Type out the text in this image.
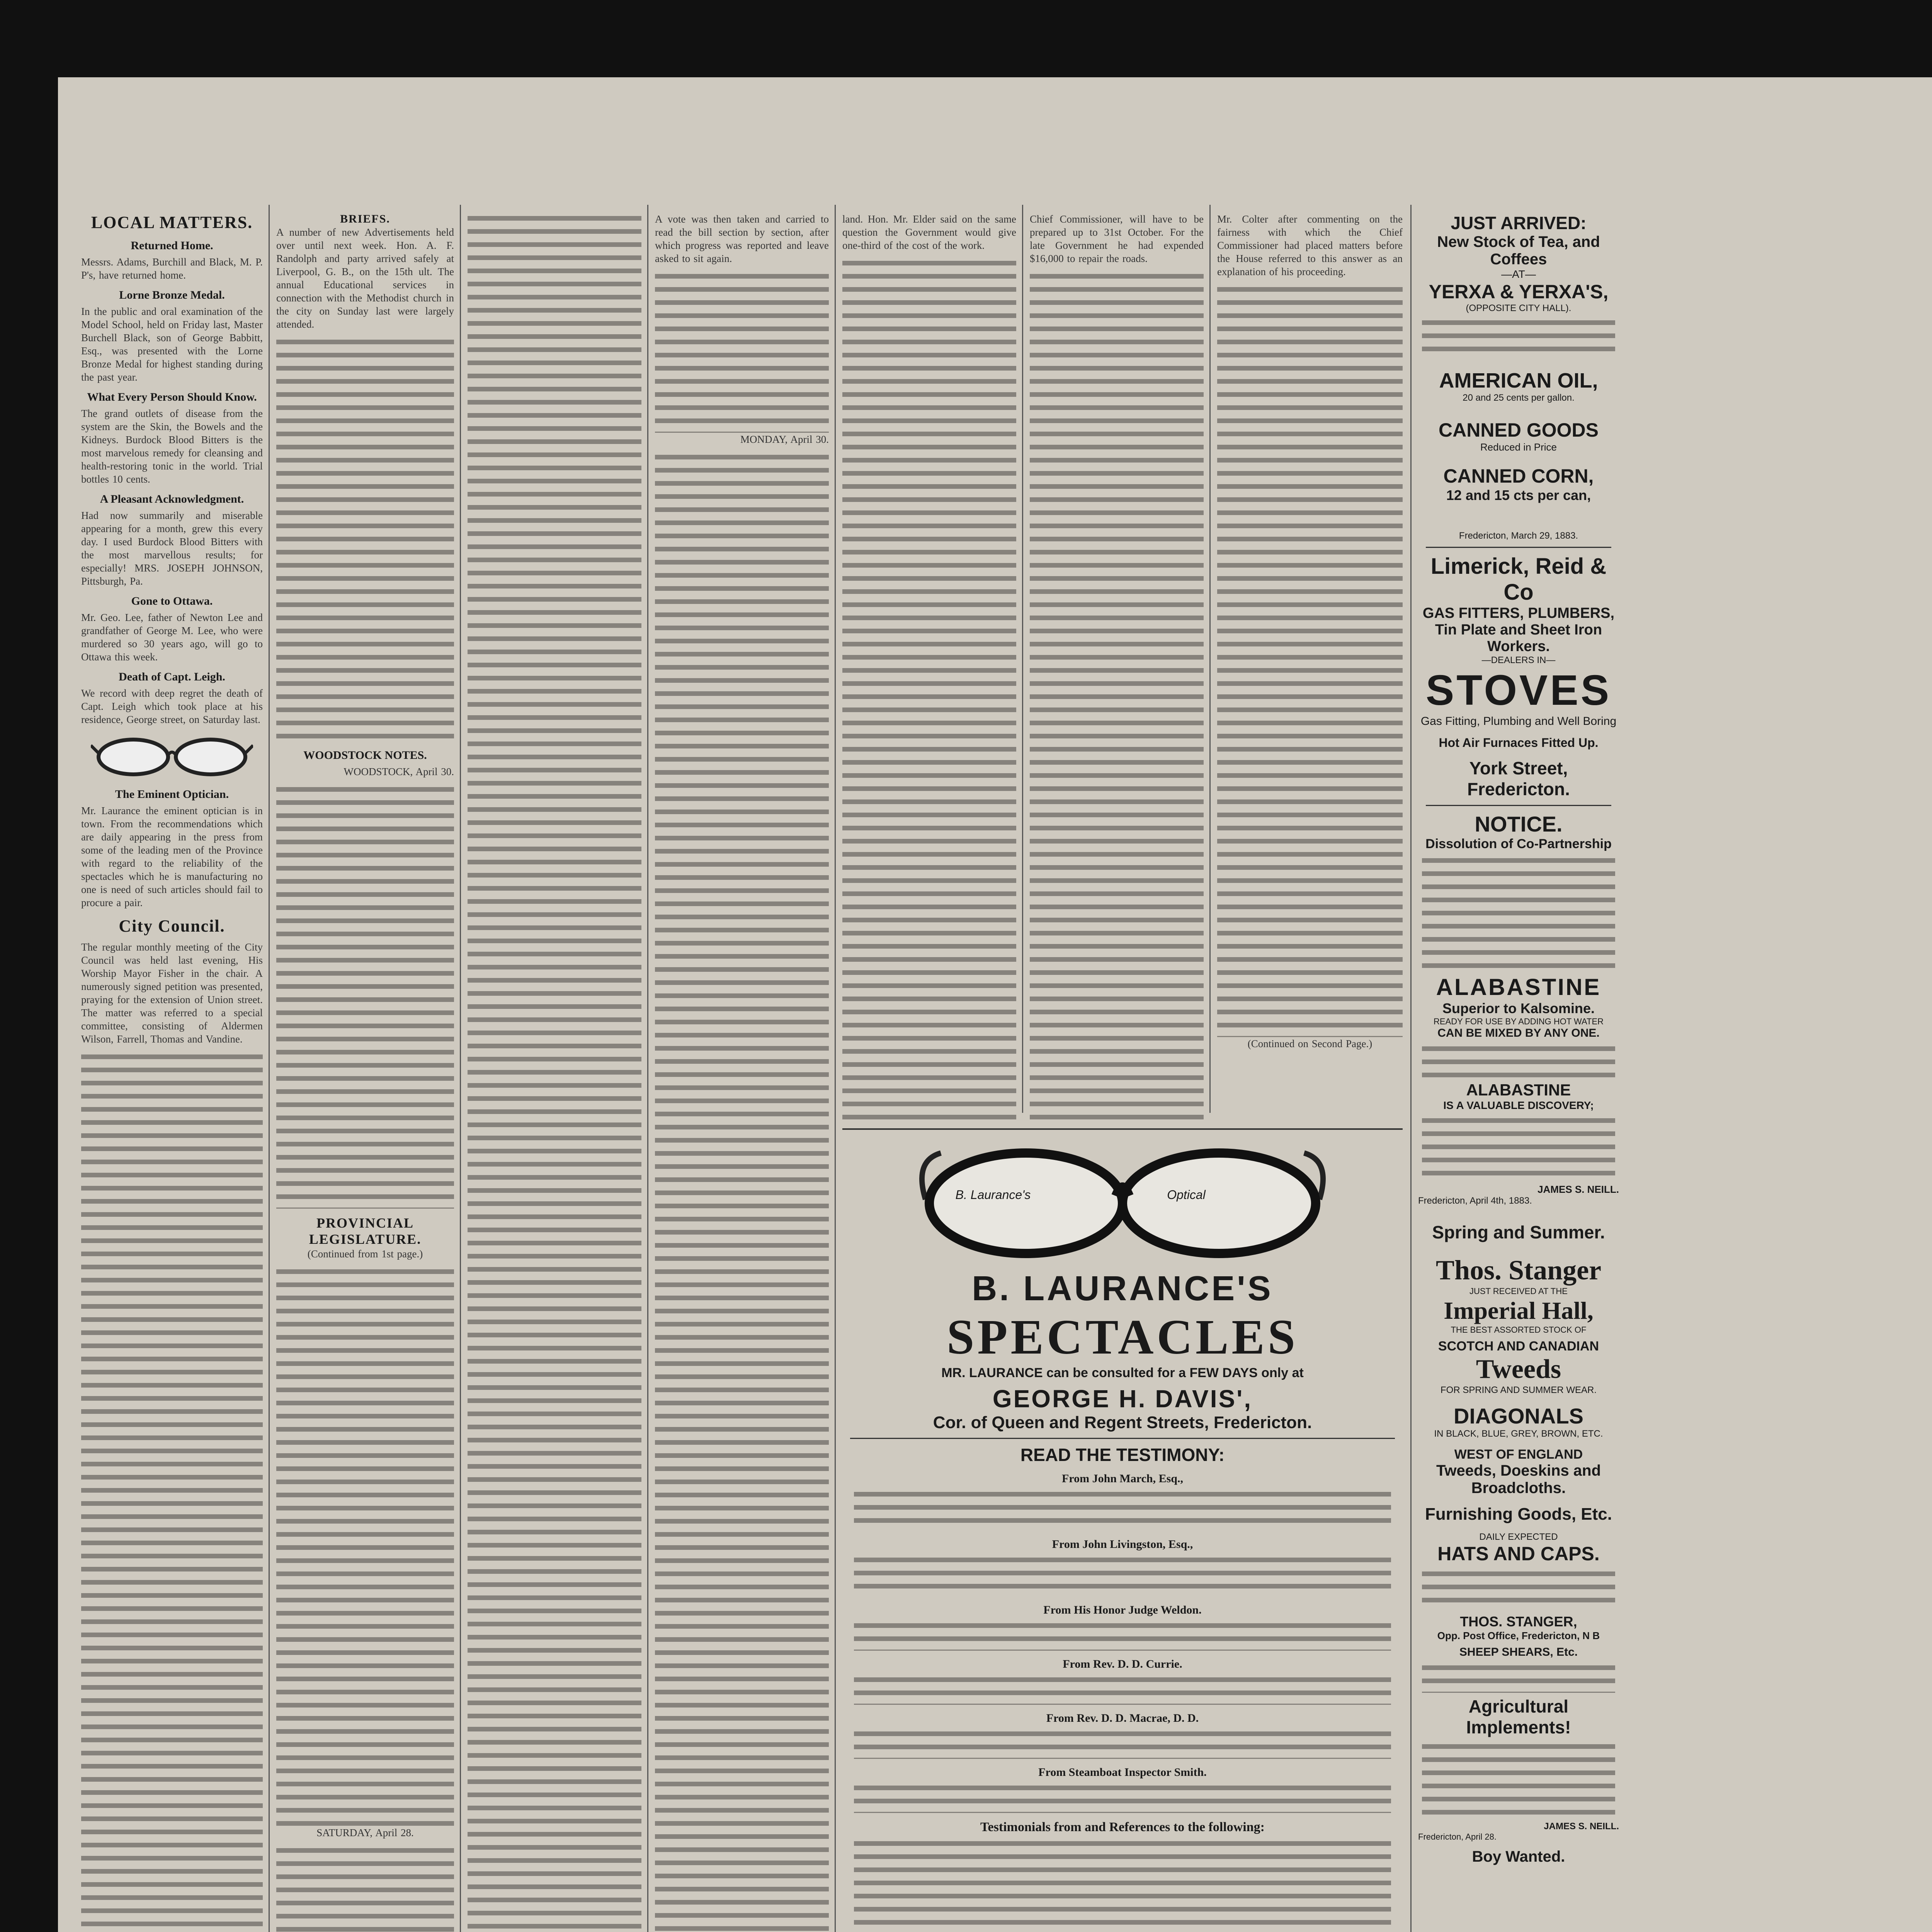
LOCAL MATTERS.
Returned Home.

Messrs. Adams, Burchill and Black, M. P. P's, have returned home.

Lorne Bronze Medal.

In the public and oral examination of the Model School, held on Friday last, Master Burchell Black, son of George Babbitt, Esq., was presented with the Lorne Bronze Medal for highest standing during the past year.

What Every Person Should Know.

The grand outlets of disease from the system are the Skin, the Bowels and the Kidneys. Burdock Blood Bitters is the most marvelous remedy for cleansing and health-restoring tonic in the world. Trial bottles 10 cents.

A Pleasant Acknowledgment.

Had now summarily and miserable appearing for a month, grew this every day. I used Burdock Blood Bitters with the most marvellous results; for especially! MRS. JOSEPH JOHNSON, Pittsburgh, Pa.

Gone to Ottawa.

Mr. Geo. Lee, father of Newton Lee and grandfather of George M. Lee, who were murdered so 30 years ago, will go to Ottawa this week.

Death of Capt. Leigh.

We record with deep regret the death of Capt. Leigh which took place at his residence, George street, on Saturday last.

The Eminent Optician.

Mr. Laurance the eminent optician is in town. From the recommendations which are daily appearing in the press from some of the leading men of the Province with regard to the reliability of the spectacles which he is manufacturing no one is need of such articles should fail to procure a pair.

City Council.

The regular monthly meeting of the City Council was held last evening, His Worship Mayor Fisher in the chair. A numerously signed petition was presented, praying for the extension of Union street. The matter was referred to a special committee, consisting of Aldermen Wilson, Farrell, Thomas and Vandine.

BRIEFS.

A number of new Advertisements held over until next week. Hon. A. F. Randolph and party arrived safely at Liverpool, G. B., on the 15th ult. The annual Educational services in connection with the Methodist church in the city on Sunday last were largely attended.

WOODSTOCK NOTES.

WOODSTOCK, April 30.

PROVINCIAL LEGISLATURE.

(Continued from 1st page.)

SATURDAY, April 28.

A vote was then taken and carried to read the bill section by section, after which progress was reported and leave asked to sit again.

MONDAY, April 30.

land. Hon. Mr. Elder said on the same question the Government would give one-third of the cost of the work.

Chief Commissioner, will have to be prepared up to 31st October. For the late Government he had expended $16,000 to repair the roads.

Mr. Colter after commenting on the fairness with which the Chief Commissioner had placed matters before the House referred to this answer as an explanation of his proceeding.

(Continued on Second Page.)

B. Laurance's	Optical
B. LAURANCE'S
SPECTACLES
MR. LAURANCE can be consulted for a FEW DAYS only at
GEORGE H. DAVIS',
Cor. of Queen and Regent Streets, Fredericton.
READ THE TESTIMONY:
From John March, Esq.,
From John Livingston, Esq.,
From His Honor Judge Weldon.
From Rev. D. D. Currie.
From Rev. D. D. Macrae, D. D.
From Steamboat Inspector Smith.
Testimonials from and References to the following:

JUST ARRIVED:
New Stock of Tea, and Coffees
—AT—
YERXA & YERXA'S,
(OPPOSITE CITY HALL).
AMERICAN OIL,
20 and 25 cents per gallon.
CANNED GOODS
Reduced in Price
CANNED CORN,
12 and 15 cts per can,
Fredericton, March 29, 1883.
Limerick, Reid & Co
GAS FITTERS, PLUMBERS,
Tin Plate and Sheet Iron Workers.
—DEALERS IN—
STOVES
Gas Fitting, Plumbing and Well Boring
Hot Air Furnaces Fitted Up.
York Street, Fredericton.
NOTICE.
Dissolution of Co-Partnership
ALABASTINE
Superior to Kalsomine.
READY FOR USE BY ADDING HOT WATER
CAN BE MIXED BY ANY ONE.
ALABASTINE
IS A VALUABLE DISCOVERY;
JAMES S. NEILL.
Fredericton, April 4th, 1883.
Spring and Summer.
Thos. Stanger
JUST RECEIVED AT THE
Imperial Hall,
THE BEST ASSORTED STOCK OF
SCOTCH AND CANADIAN
Tweeds
FOR SPRING AND SUMMER WEAR.
DIAGONALS
IN BLACK, BLUE, GREY, BROWN, ETC.
WEST OF ENGLAND
Tweeds, Doeskins and Broadcloths.
Furnishing Goods, Etc.
DAILY EXPECTED
HATS AND CAPS.
THOS. STANGER,
Opp. Post Office, Fredericton, N B
SHEEP SHEARS, Etc.
Agricultural Implements!
JAMES S. NEILL.
Fredericton, April 28.
Boy Wanted.
